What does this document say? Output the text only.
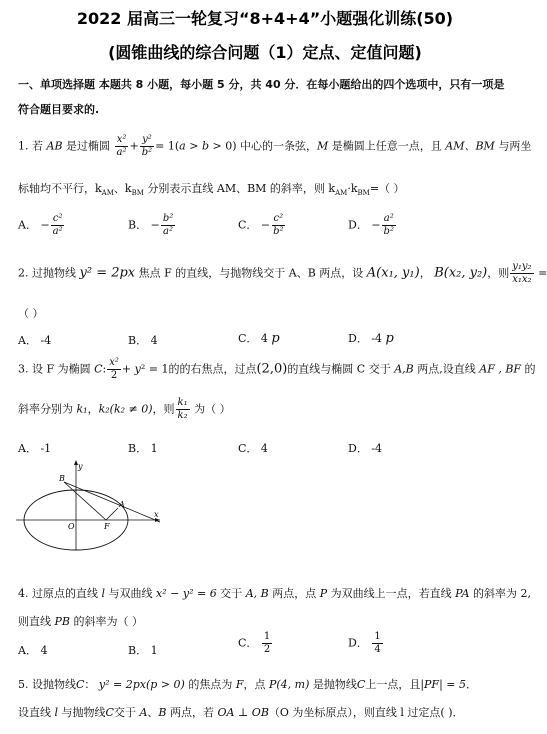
2022 届高三一轮复习“8+4+4”小题强化训练(50)
(圆锥曲线的综合问题（1）定点、定值问题)
一、单项选择题 本题共 8 小题，每小题 5 分，共 40 分．在每小题给出的四个选项中，只有一项是
符合题目要求的.
1. 若 AB 是过椭圆 $\frac{\text{x²}}{\text{a²}} + \frac{\text{y²}}{\text{b²}} = 1(a > b > 0)$ 中心的一条弦，M 是椭圆上任意一点，且 AM、BM 与两坐
标轴均不平行，$k_{AM}$、$k_{BM}$ 分别表示直线 AM、BM 的斜率，则 $k_{AM}\cdot k_{BM}=$（ ）
A． − $\frac{\text{c²}}{\text{a²}}$	B． − $\frac{\text{b²}}{\text{a²}}$	C． − $\frac{\text{c²}}{\text{b²}}$	D． − $\frac{\text{a²}}{\text{b²}}$
2. 过抛物线 y² = 2px 焦点 F 的直线，与抛物线交于 A、B 两点，设 A(x₁, y₁)， B(x₂, y₂)，则 $\frac{\text{y₁y₂}}{\text{x₁x₂}}$ =
（ ）
A． -4	B． 4	C． 4 p	D． -4 p
3. 设 F 为椭圆 C: $\frac{\text{x²}}{2} + y^2 = 1$的的右焦点，过点(2,0)的直线与椭圆 C 交于 A,B 两点,设直线 AF , BF 的
斜率分别为 k₁，k₂(k₂ ≠ 0)，则 $\frac{\text{k₁}}{\text{k₂}}$ 为（ ）
A． -1	B． 1	C． 4	D． -4
y
x
O	F
A
B
4. 过原点的直线 l 与双曲线 x² − y² = 6 交于 A, B 两点，点 P 为双曲线上一点，若直线 PA 的斜率为 2,
则直线 PB 的斜率为（ ）
A． 4	B． 1
C． $\frac{1}{2}$	D． $\frac{1}{4}$
5. 设抛物线C： y² = 2px(p > 0) 的焦点为 F，点 P(4, m) 是抛物线C上一点，且|PF| = 5．
设直线 l 与抛物线C交于 A、B 两点，若 OA ⊥ OB（O 为坐标原点），则直线 l 过定点( )．
